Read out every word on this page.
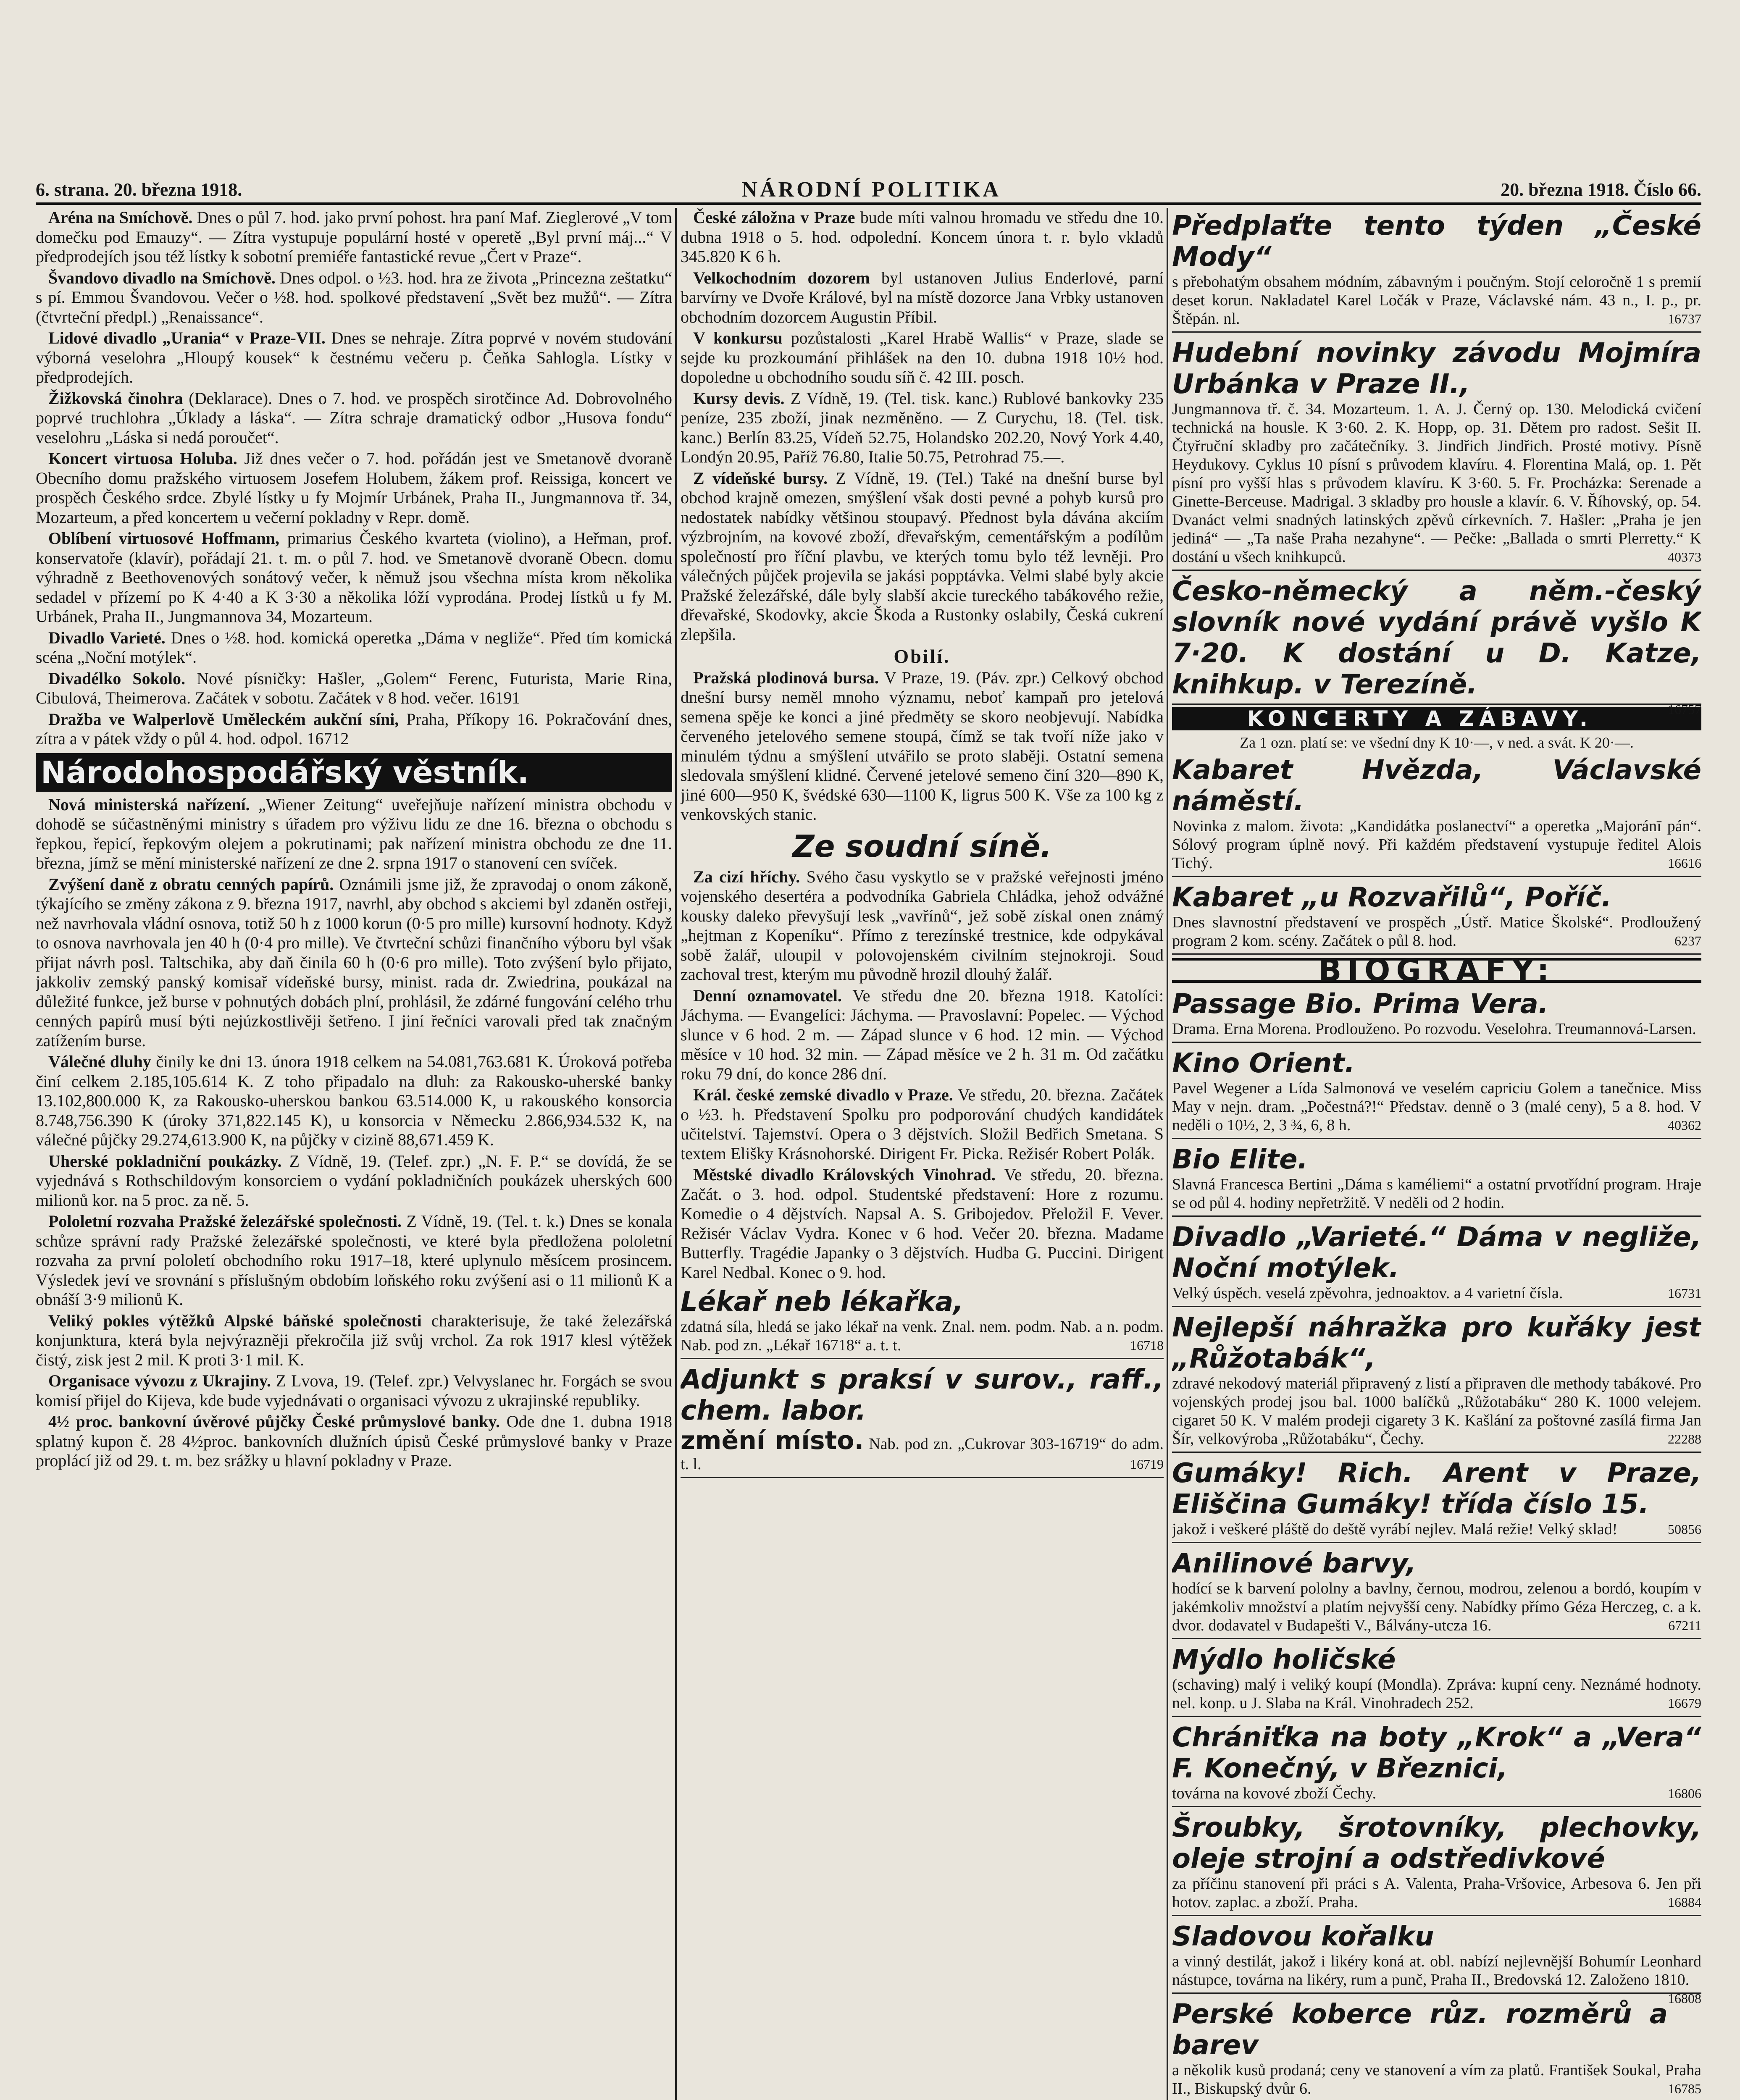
6. strana. 20. března 1918.	NÁRODNÍ POLITIKA	20. března 1918. Číslo 66.

Aréna na Smíchově. Dnes o půl 7. hod. jako první pohost. hra paní Maf. Zieglerové „V tom domečku pod Emauzy“. — Zítra vystupuje populární hosté v operetě „Byl první máj...“ V předprodejích jsou též lístky k sobotní premiéře fantastické revue „Čert v Praze“.

Švandovo divadlo na Smíchově. Dnes odpol. o ½3. hod. hra ze života „Princezna zeštatku“ s pí. Emmou Švandovou. Večer o ½8. hod. spolkové představení „Svět bez mužů“. — Zítra (čtvrteční předpl.) „Renaissance“.

Lidové divadlo „Urania“ v Praze-VII. Dnes se nehraje. Zítra poprvé v novém studování výborná veselohra „Hloupý kousek“ k čestnému večeru p. Čeňka Sahlogla. Lístky v předprodejích.

Žižkovská činohra (Deklarace). Dnes o 7. hod. ve prospěch sirotčince Ad. Dobrovolného poprvé truchlohra „Úklady a láska“. — Zítra schraje dramatický odbor „Husova fondu“ veselohru „Láska si nedá poroučet“.

Koncert virtuosa Holuba. Již dnes večer o 7. hod. pořádán jest ve Smetanově dvoraně Obecního domu pražského virtuosem Josefem Holubem, žákem prof. Reissiga, koncert ve prospěch Českého srdce. Zbylé lístky u fy Mojmír Urbánek, Praha II., Jungmannova tř. 34, Mozarteum, a před koncertem u večerní pokladny v Repr. domě.

Oblíbení virtuosové Hoffmann, primarius Českého kvarteta (violino), a Heřman, prof. konservatoře (klavír), pořádají 21. t. m. o půl 7. hod. ve Smetanově dvoraně Obecn. domu výhradně z Beethovenových sonátový večer, k němuž jsou všechna místa krom několika sedadel v přízemí po K 4·40 a K 3·30 a několika lóží vyprodána. Prodej lístků u fy M. Urbánek, Praha II., Jungmannova 34, Mozarteum.

Divadlo Varieté. Dnes o ½8. hod. komická operetka „Dáma v negliže“. Před tím komická scéna „Noční motýlek“.

Divadélko Sokolo. Nové písničky: Hašler, „Golem“ Ferenc, Futurista, Marie Rina, Cibulová, Theimerova. Začátek v sobotu. Začátek v 8 hod. večer. 16191

Dražba ve Walperlově Uměleckém aukční síni, Praha, Příkopy 16. Pokračování dnes, zítra a v pátek vždy o půl 4. hod. odpol. 16712

Národohospodářský věstník.

Nová ministerská nařízení. „Wiener Zeitung“ uveřejňuje nařízení ministra obchodu v dohodě se súčastněnými ministry s úřadem pro výživu lidu ze dne 16. března o obchodu s řepkou, řepicí, řepkovým olejem a pokrutinami; pak nařízení ministra obchodu ze dne 11. března, jímž se mění ministerské nařízení ze dne 2. srpna 1917 o stanovení cen svíček.

Zvýšení daně z obratu cenných papírů. Oznámili jsme již, že zpravodaj o onom zákoně, týkajícího se změny zákona z 9. března 1917, navrhl, aby obchod s akciemi byl zdaněn ostřeji, než navrhovala vládní osnova, totiž 50 h z 1000 korun (0·5 pro mille) kursovní hodnoty. Když to osnova navrhovala jen 40 h (0·4 pro mille). Ve čtvrteční schůzi finančního výboru byl však přijat návrh posl. Taltschika, aby daň činila 60 h (0·6 pro mille). Toto zvýšení bylo přijato, jakkoliv zemský panský komisař vídeňské bursy, minist. rada dr. Zwiedrina, poukázal na důležité funkce, jež burse v pohnutých dobách plní, prohlásil, že zdárné fungování celého trhu cenných papírů musí býti nejúzkostlivěji šetřeno. I jiní řečníci varovali před tak značným zatížením burse.

Válečné dluhy činily ke dni 13. února 1918 celkem na 54.081,763.681 K. Úroková potřeba činí celkem 2.185,105.614 K. Z toho připadalo na dluh: za Rakousko-uherské banky 13.102,800.000 K, za Rakousko-uherskou bankou 63.514.000 K, u rakouského konsorcia 8.748,756.390 K (úroky 371,822.145 K), u konsorcia v Německu 2.866,934.532 K, na válečné půjčky 29.274,613.900 K, na půjčky v cizině 88,671.459 K.

Uherské pokladniční poukázky. Z Vídně, 19. (Telef. zpr.) „N. F. P.“ se dovídá, že se vyjednává s Rothschildovým konsorciem o vydání pokladničních poukázek uherských 600 milionů kor. na 5 proc. za ně. 5.

Pololetní rozvaha Pražské železářské společnosti. Z Vídně, 19. (Tel. t. k.) Dnes se konala schůze správní rady Pražské železářské společnosti, ve které byla předložena pololetní rozvaha za první pololetí obchodního roku 1917–18, které uplynulo měsícem prosincem. Výsledek jeví ve srovnání s příslušným obdobím loňského roku zvýšení asi o 11 milionů K a obnáší 3·9 milionů K.

Veliký pokles výtěžků Alpské báňské společnosti charakterisuje, že také železářská konjunktura, která byla nejvýrazněji překročila již svůj vrchol. Za rok 1917 klesl výtěžek čistý, zisk jest 2 mil. K proti 3·1 mil. K.

Organisace vývozu z Ukrajiny. Z Lvova, 19. (Telef. zpr.) Velvyslanec hr. Forgách se svou komisí přijel do Kijeva, kde bude vyjednávati o organisaci vývozu z ukrajinské republiky.

4½ proc. bankovní úvěrové půjčky České průmyslové banky. Ode dne 1. dubna 1918 splatný kupon č. 28 4½proc. bankovních dlužních úpisů České průmyslové banky v Praze proplácí již od 29. t. m. bez srážky u hlavní pokladny v Praze.

České záložna v Praze bude míti valnou hromadu ve středu dne 10. dubna 1918 o 5. hod. odpolední. Koncem února t. r. bylo vkladů 345.820 K 6 h.

Velkochodním dozorem byl ustanoven Julius Enderlové, parní barvírny ve Dvoře Králové, byl na místě dozorce Jana Vrbky ustanoven obchodním dozorcem Augustin Příbil.

V konkursu pozůstalosti „Karel Hrabě Wallis“ v Praze, slade se sejde ku prozkoumání přihlášek na den 10. dubna 1918 10½ hod. dopoledne u obchodního soudu síň č. 42 III. posch.

Kursy devis. Z Vídně, 19. (Tel. tisk. kanc.) Rublové bankovky 235 peníze, 235 zboží, jinak nezměněno. — Z Curychu, 18. (Tel. tisk. kanc.) Berlín 83.25, Vídeň 52.75, Holandsko 202.20, Nový York 4.40, Londýn 20.95, Paříž 76.80, Italie 50.75, Petrohrad 75.—.

Z vídeňské bursy. Z Vídně, 19. (Tel.) Také na dnešní burse byl obchod krajně omezen, smýšlení však dosti pevné a pohyb kursů pro nedostatek nabídky většinou stoupavý. Přednost byla dávána akciím výzbrojním, na kovové zboží, dřevařským, cementářským a podílům společností pro říční plavbu, ve kterých tomu bylo též levněji. Pro válečných půjček projevila se jakási popptávka. Velmi slabé byly akcie Pražské železářské, dále byly slabší akcie tureckého tabákového režie, dřevařské, Skodovky, akcie Škoda a Rustonky oslabily, Česká cukrení zlepšila.

Obilí.

Pražská plodinová bursa. V Praze, 19. (Páv. zpr.) Celkový obchod dnešní bursy neměl mnoho významu, neboť kampaň pro jetelová semena spěje ke konci a jiné předměty se skoro neobjevují. Nabídka červeného jetelového semene stoupá, čímž se tak tvoří níže jako v minulém týdnu a smýšlení utvářilo se proto slaběji. Ostatní semena sledovala smýšlení klidné. Červené jetelové semeno činí 320—890 K, jiné 600—950 K, švédské 630—1100 K, ligrus 500 K. Vše za 100 kg z venkovských stanic.

Ze soudní síně.

Za cizí hříchy. Svého času vyskytlo se v pražské veřejnosti jméno vojenského desertéra a podvodníka Gabriela Chládka, jehož odvážné kousky daleko převyšují lesk „vavřínů“, jež sobě získal onen známý „hejtman z Kopeníku“. Přímo z terezínské trestnice, kde odpykával sobě žalář, uloupil v polovojenském civilním stejnokroji. Soud zachoval trest, kterým mu původně hrozil dlouhý žalář.

Denní oznamovatel. Ve středu dne 20. března 1918. Katolíci: Jáchyma. — Evangelíci: Jáchyma. — Pravoslavní: Popelec. — Východ slunce v 6 hod. 2 m. — Západ slunce v 6 hod. 12 min. — Východ měsíce v 10 hod. 32 min. — Západ měsíce ve 2 h. 31 m. Od začátku roku 79 dní, do konce 286 dní.

Král. české zemské divadlo v Praze. Ve středu, 20. března. Začátek o ½3. h. Představení Spolku pro podporování chudých kandidátek učitelství. Tajemství. Opera o 3 dějstvích. Složil Bedřich Smetana. S textem Elišky Krásnohorské. Dirigent Fr. Picka. Režisér Robert Polák.

Městské divadlo Královských Vinohrad. Ve středu, 20. března. Začát. o 3. hod. odpol. Studentské představení: Hore z rozumu. Komedie o 4 dějstvích. Napsal A. S. Gribojedov. Přeložil F. Vever. Režisér Václav Vydra. Konec v 6 hod. Večer 20. března. Madame Butterfly. Tragédie Japanky o 3 dějstvích. Hudba G. Puccini. Dirigent Karel Nedbal. Konec o 9. hod.

Lékař neb lékařka,
zdatná síla, hledá se jako lékař na venk. Znal. nem. podm. Nab. a n. podm. Nab. pod zn. „Lékař 16718“ a. t. t.	16718
Adjunkt s praksí v surov., raff., chem. labor.
změní místo. Nab. pod zn. „Cukrovar 303-16719“ do adm. t. l.	16719
Předplaťte tento týden „České Mody“
s přebohatým obsahem módním, zábavným i poučným. Stojí celoročně 1 s premií deset korun. Nakladatel Karel Ločák v Praze, Václavské nám. 43 n., I. p., pr. Štěpán. nl.	16737
Hudební novinky závodu Mojmíra Urbánka v Praze II.,
Jungmannova tř. č. 34. Mozarteum. 1. A. J. Černý op. 130. Melodická cvičení technická na housle. K 3·60. 2. K. Hopp, op. 31. Dětem pro radost. Sešit II. Čtyřruční skladby pro začátečníky. 3. Jindřich Jindřich. Prosté motivy. Písně Heydukovy. Cyklus 10 písní s průvodem klavíru. 4. Florentina Malá, op. 1. Pět písní pro vyšší hlas s průvodem klavíru. K 3·60. 5. Fr. Procházka: Serenade a Ginette-Berceuse. Madrigal. 3 skladby pro housle a klavír. 6. V. Říhovský, op. 54. Dvanáct velmi snadných latinských zpěvů církevních. 7. Hašler: „Praha je jen jediná“ — „Ta naše Praha nezahyne“. — Pečke: „Ballada o smrti Plerretty.“ K dostání u všech knihkupců.	40373
Česko-německý a něm.-český slovník nové vydání právě vyšlo K 7·20. K dostání u D. Katze, knihkup. v Terezíně.
16757
KONCERTY A ZÁBAVY.
Za 1 ozn. platí se: ve všední dny K 10·—, v ned. a svát. K 20·—.
Kabaret Hvězda, Václavské náměstí.
Novinka z malom. života: „Kandidátka poslanectví“ a operetka „Majoránī pán“. Sólový program úplně nový. Při každém představení vystupuje ředitel Alois Tichý.	16616
Kabaret „u Rozvařilů“, Poříč.
Dnes slavnostní představení ve prospěch „Ústř. Matice Školské“. Prodloužený program 2 kom. scény. Začátek o půl 8. hod.	6237
BIOGRAFY:
Passage Bio. Prima Vera.
Drama. Erna Morena. Prodlouženo. Po rozvodu. Veselohra. Treumannová-Larsen.
Kino Orient.
Pavel Wegener a Lída Salmonová ve veselém capriciu Golem a tanečnice. Miss May v nejn. dram. „Počestná?!“ Představ. denně o 3 (malé ceny), 5 a 8. hod. V neděli o 10½, 2, 3 ¾, 6, 8 h.	40362
Bio Elite.
Slavná Francesca Bertini „Dáma s kaméliemi“ a ostatní prvotřídní program. Hraje se od půl 4. hodiny nepřetržitě. V neděli od 2 hodin.
Divadlo „Varieté.“ Dáma v negliže, Noční motýlek.
Velký úspěch. veselá zpěvohra, jednoaktov. a 4 varietní čísla.	16731
Nejlepší náhražka pro kuřáky jest „Růžotabák“,
zdravé nekodový materiál připravený z listí a připraven dle methody tabákové. Pro vojenských prodej jsou bal. 1000 balíčků „Růžotabáku“ 280 K. 1000 velejem. cigaret 50 K. V malém prodeji cigarety 3 K. Kašlání za poštovné zasílá firma Jan Šír, velkovýroba „Růžotabáku“, Čechy.	22288
Gumáky! Rich. Arent v Praze, Eliščina Gumáky! třída číslo 15.
jakož i veškeré pláště do deště vyrábí nejlev. Malá režie! Velký sklad!	50856
Anilinové barvy,
hodící se k barvení pololny a bavlny, černou, modrou, zelenou a bordó, koupím v jakémkoliv množství a platím nejvyšší ceny. Nabídky přímo Géza Herczeg, c. a k. dvor. dodavatel v Budapešti V., Bálvány-utcza 16.	67211
Mýdlo holičské
(schaving) malý i veliký koupí (Mondla). Zpráva: kupní ceny. Neznámé hodnoty. nel. konp. u J. Slaba na Král. Vinohradech 252.	16679
Chrániťka na boty „Krok“ a „Vera“ F. Konečný, v Březnici,
továrna na kovové zboží Čechy.	16806
Šroubky, šrotovníky, plechovky, oleje strojní a odstředivkové
za příčinu stanovení při práci s A. Valenta, Praha-Vršovice, Arbesova 6. Jen při hotov. zaplac. a zboží. Praha.	16884
Sladovou kořalku
a vinný destilát, jakož i likéry koná at. obl. nabízí nejlevnější Bohumír Leonhard nástupce, továrna na likéry, rum a punč, Praha II., Bredovská 12. Založeno 1810.
16808
Perské koberce růz. rozměrů a barev
a několik kusů prodaná; ceny ve stanovení a vím za platů. František Soukal, Praha II., Biskupský dvůr 6.	16785
